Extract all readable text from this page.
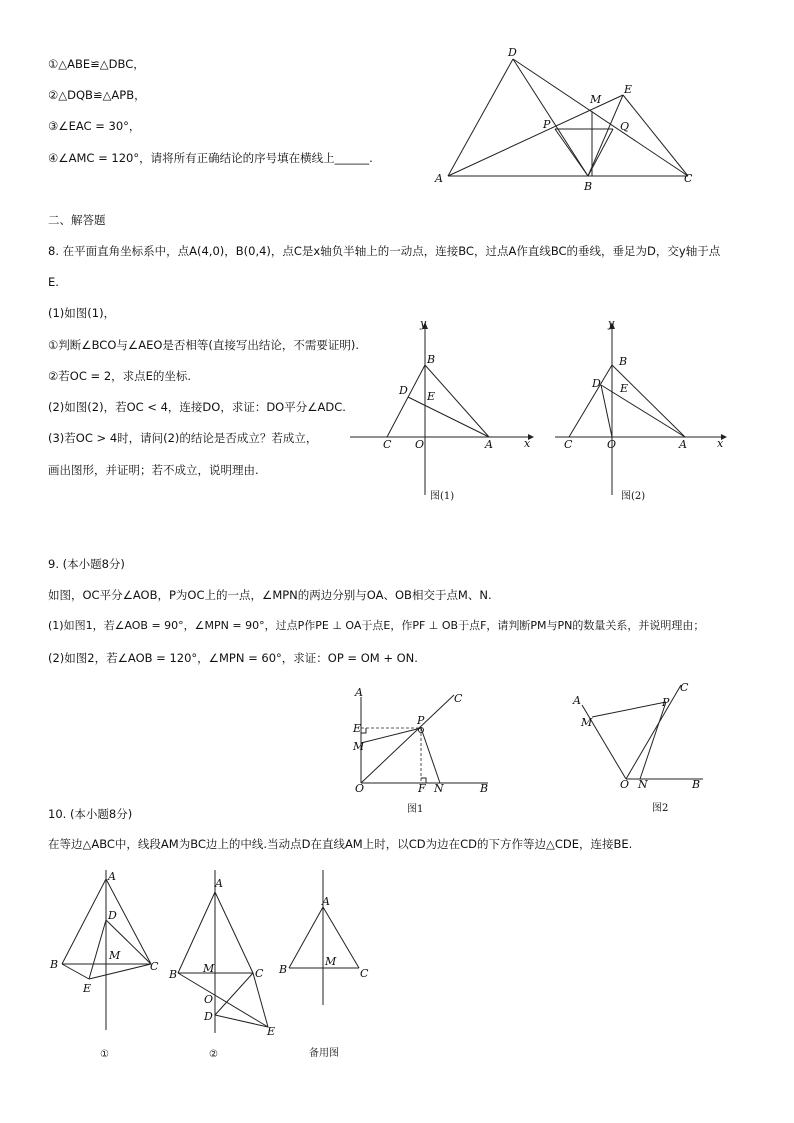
①△ABE≌△DBC，
②△DQB≌△APB，
③∠EAC = 30°，
④∠AMC = 120°，请将所有正确结论的序号填在横线上______.
D
E
M
P	Q
A
B
C
二、解答题
8. 在平面直角坐标系中，点A(4,0)，B(0,4)，点C是x轴负半轴上的一动点，连接BC，过点A作直线BC的垂线，垂足为D，交y轴于点
E.
(1)如图(1)，
①判断∠BCO与∠AEO是否相等(直接写出结论，不需要证明).
②若OC = 2，求点E的坐标.
(2)如图(2)，若OC < 4，连接DO，求证：DO平分∠ADC.
(3)若OC > 4时，请问(2)的结论是否成立？若成立，
画出图形，并证明；若不成立，说明理由.
y
x
B
D E
C O	A
图(1)
y
x
B
D E
C	O	A
图(2)
9. (本小题8分)
如图，OC平分∠AOB，P为OC上的一点，∠MPN的两边分别与OA、OB相交于点M、N.
(1)如图1，若∠AOB = 90°，∠MPN = 90°，过点P作PE ⊥ OA于点E，作PF ⊥ OB于点F，请判断PM与PN的数量关系，并说明理由；
(2)如图2，若∠AOB = 120°，∠MPN = 60°，求证：OP = OM + ON.
A	C
E
P
M
O	F N	B
图1
A
C
P
M
O N	B
图2
10. (本小题8分)
在等边△ABC中，线段AM为BC边上的中线.当动点D在直线AM上时，以CD为边在CD的下方作等边△CDE，连接BE.
A
D
M
B	C
E
①
A
M
B	C
O
D
E
②
A
M
B	C
备用图
